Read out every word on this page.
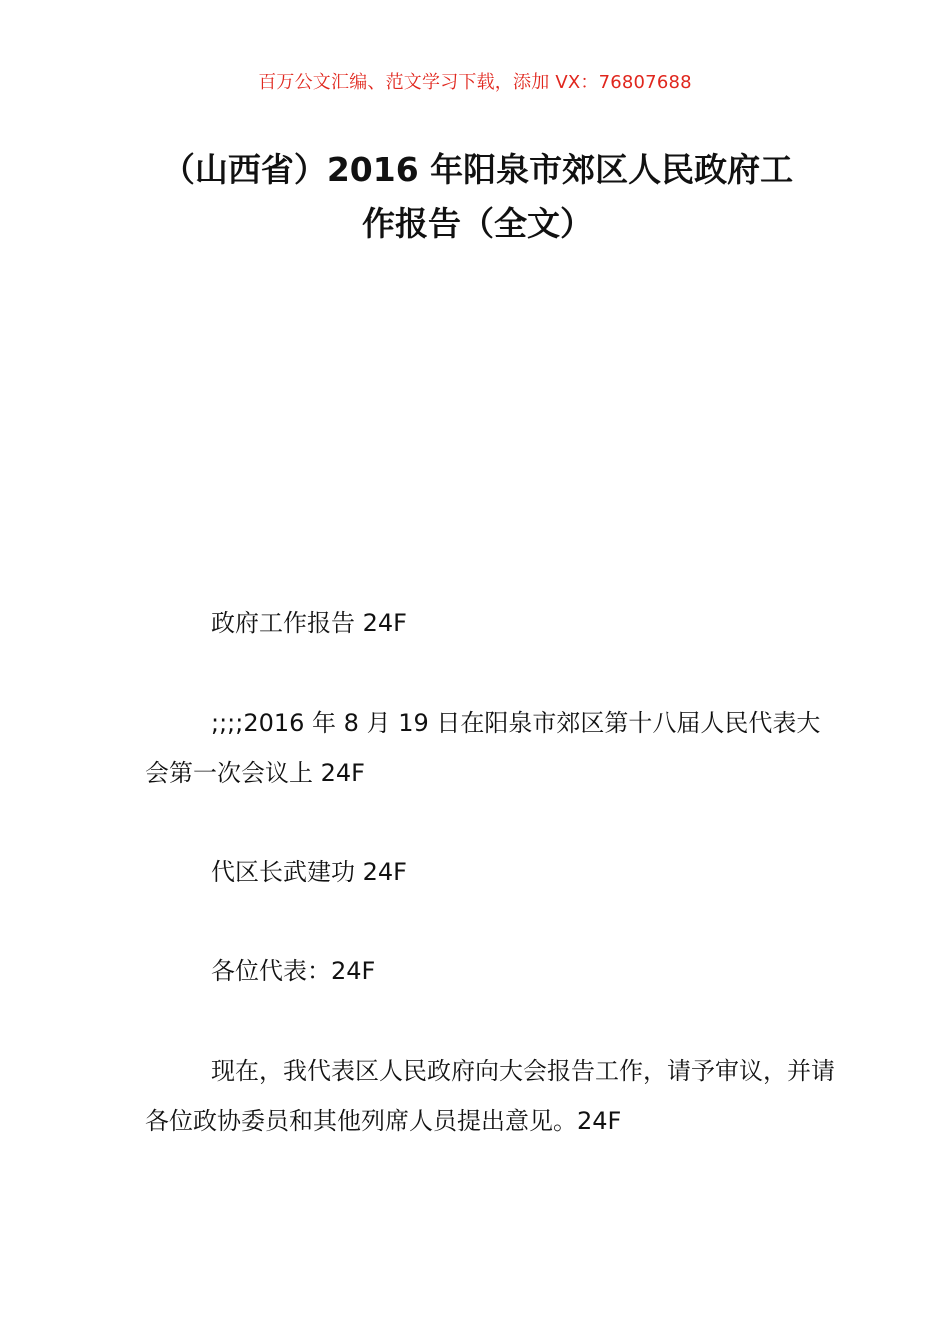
百万公文汇编、范文学习下载，添加 VX：76807688
（山西省）2016 年阳泉市郊区人民政府工
作报告（全文）

政府工作报告 24F

;;;;2016 年 8 月 19 日在阳泉市郊区第十八届人民代表大会第一次会议上 24F

代区长武建功 24F

各位代表：24F

现在，我代表区人民政府向大会报告工作，请予审议，并请各位政协委员和其他列席人员提出意见。24F
